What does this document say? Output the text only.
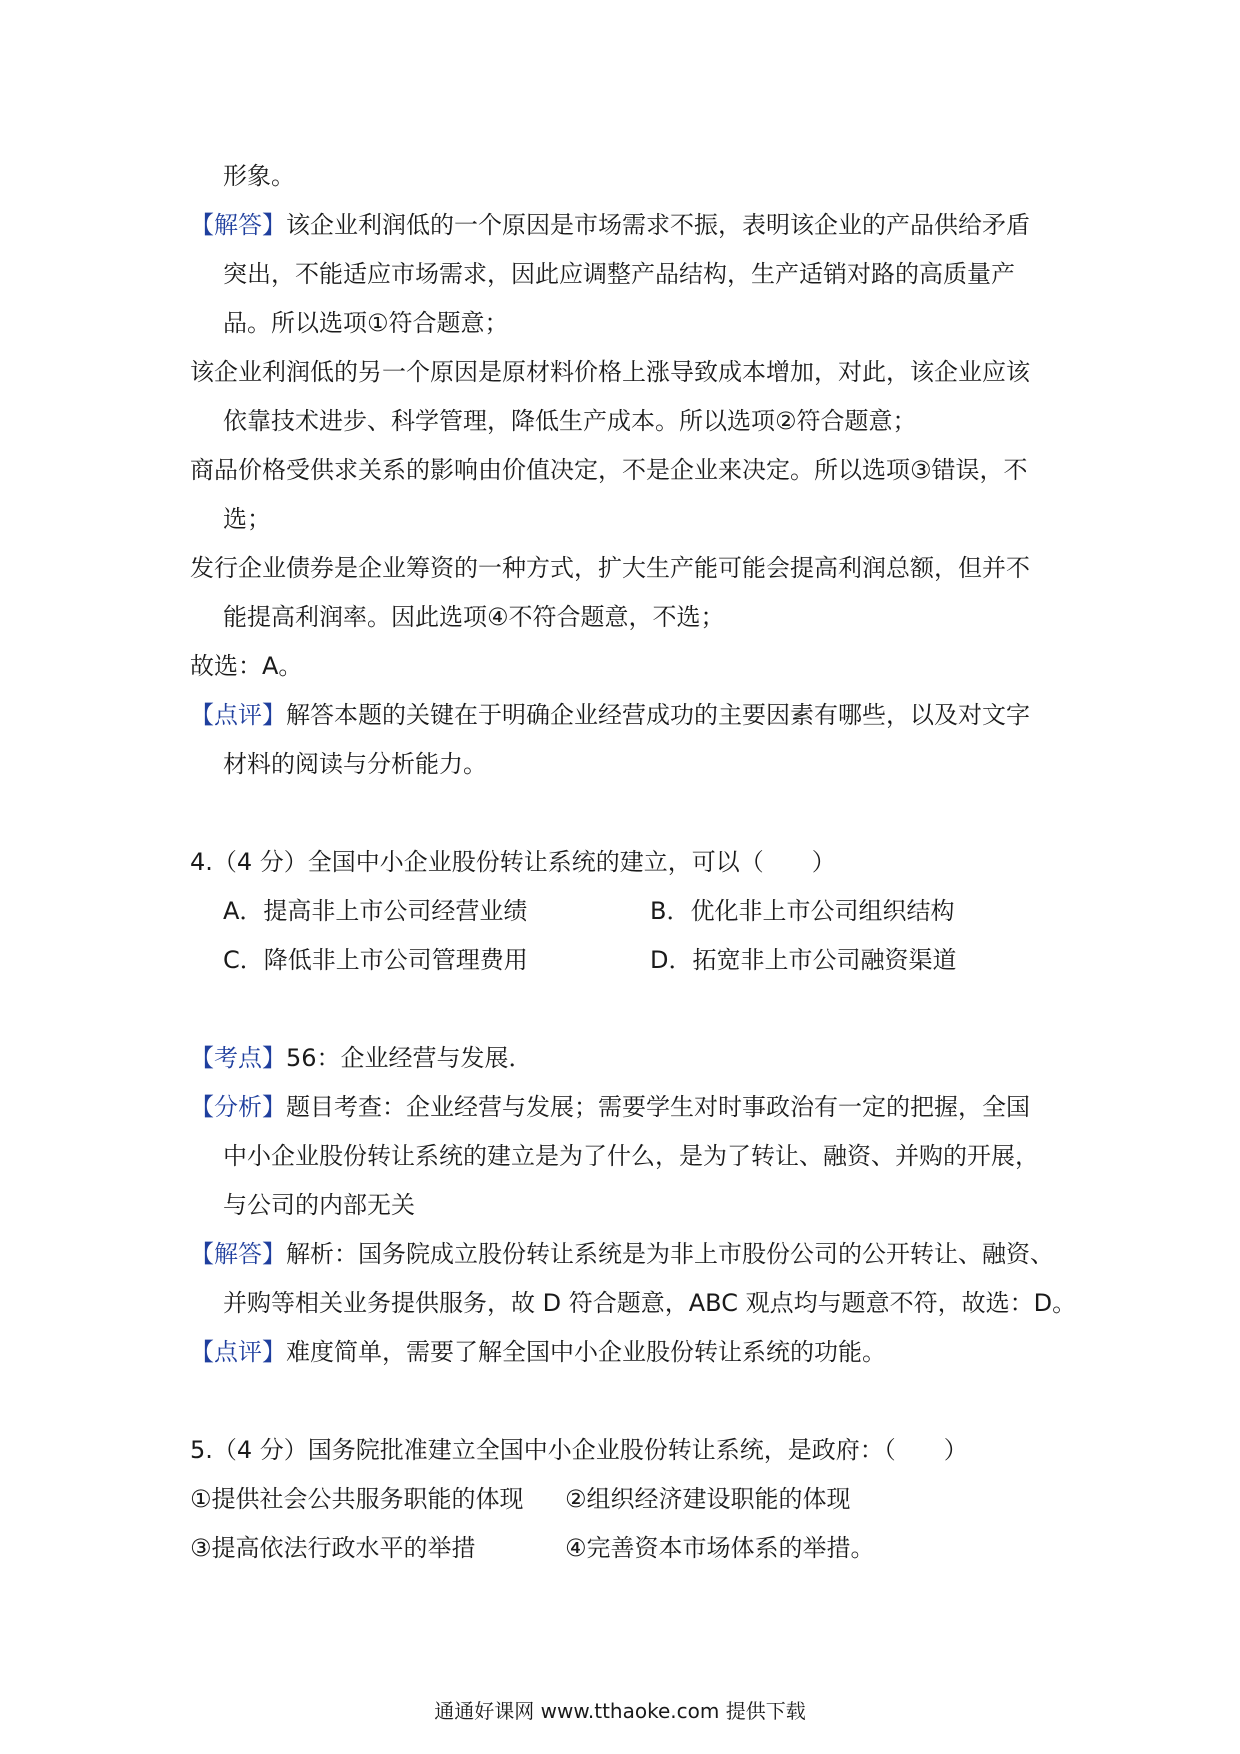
形象。
【解答】该企业利润低的一个原因是市场需求不振，表明该企业的产品供给矛盾
突出，不能适应市场需求，因此应调整产品结构，生产适销对路的高质量产
品。所以选项①符合题意；
该企业利润低的另一个原因是原材料价格上涨导致成本增加，对此，该企业应该
依靠技术进步、科学管理，降低生产成本。所以选项②符合题意；
商品价格受供求关系的影响由价值决定，不是企业来决定。所以选项③错误，不
选；
发行企业债券是企业筹资的一种方式，扩大生产能可能会提高利润总额，但并不
能提高利润率。因此选项④不符合题意，不选；
故选：A。
【点评】解答本题的关键在于明确企业经营成功的主要因素有哪些，以及对文字
材料的阅读与分析能力。
4.（4 分）全国中小企业股份转让系统的建立，可以（　　）
A．提高非上市公司经营业绩	B．优化非上市公司组织结构
C．降低非上市公司管理费用	D．拓宽非上市公司融资渠道
【考点】56：企业经营与发展．
【分析】题目考查：企业经营与发展；需要学生对时事政治有一定的把握，全国
中小企业股份转让系统的建立是为了什么，是为了转让、融资、并购的开展，
与公司的内部无关
【解答】解析：国务院成立股份转让系统是为非上市股份公司的公开转让、融资、
并购等相关业务提供服务，故 D 符合题意，ABC 观点均与题意不符，故选：D。
【点评】难度简单，需要了解全国中小企业股份转让系统的功能。
5.（4 分）国务院批准建立全国中小企业股份转让系统，是政府：（　　）
①提供社会公共服务职能的体现 ②组织经济建设职能的体现
③提高依法行政水平的举措	④完善资本市场体系的举措。
通通好课网 www.tthaoke.com 提供下载
